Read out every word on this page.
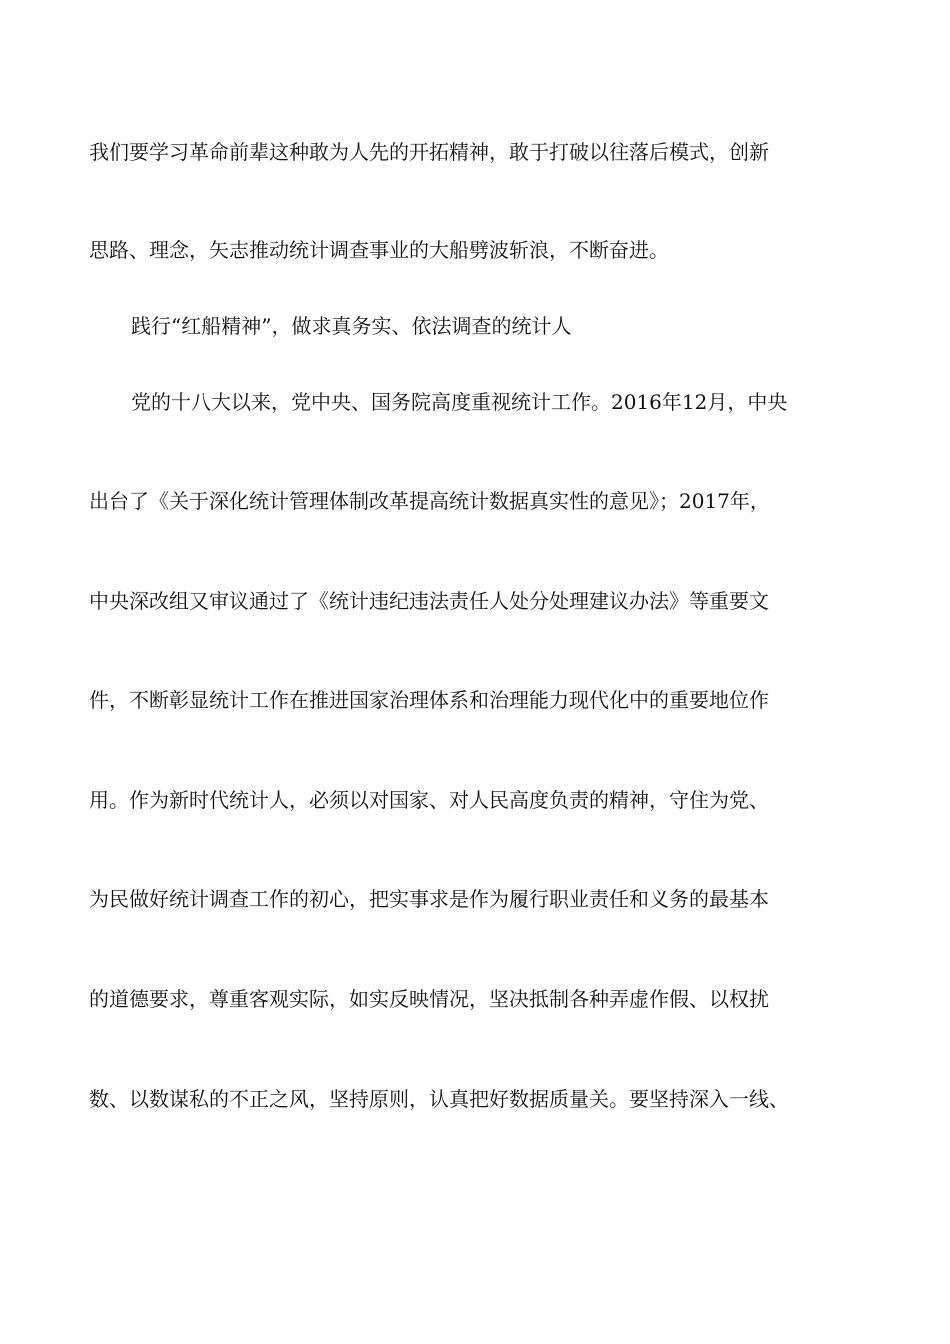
我们要学习革命前辈这种敢为人先的开拓精神，敢于打破以往落后模式，创新
思路、理念，矢志推动统计调查事业的大船劈波斩浪，不断奋进。
践行“红船精神”，做求真务实、依法调查的统计人
党的十八大以来，党中央、国务院高度重视统计工作。2016年12月，中央
出台了《关于深化统计管理体制改革提高统计数据真实性的意见》；2017年，
中央深改组又审议通过了《统计违纪违法责任人处分处理建议办法》等重要文
件，不断彰显统计工作在推进国家治理体系和治理能力现代化中的重要地位作
用。作为新时代统计人，必须以对国家、对人民高度负责的精神，守住为党、
为民做好统计调查工作的初心，把实事求是作为履行职业责任和义务的最基本
的道德要求，尊重客观实际，如实反映情况，坚决抵制各种弄虚作假、以权扰
数、以数谋私的不正之风，坚持原则，认真把好数据质量关。要坚持深入一线、
